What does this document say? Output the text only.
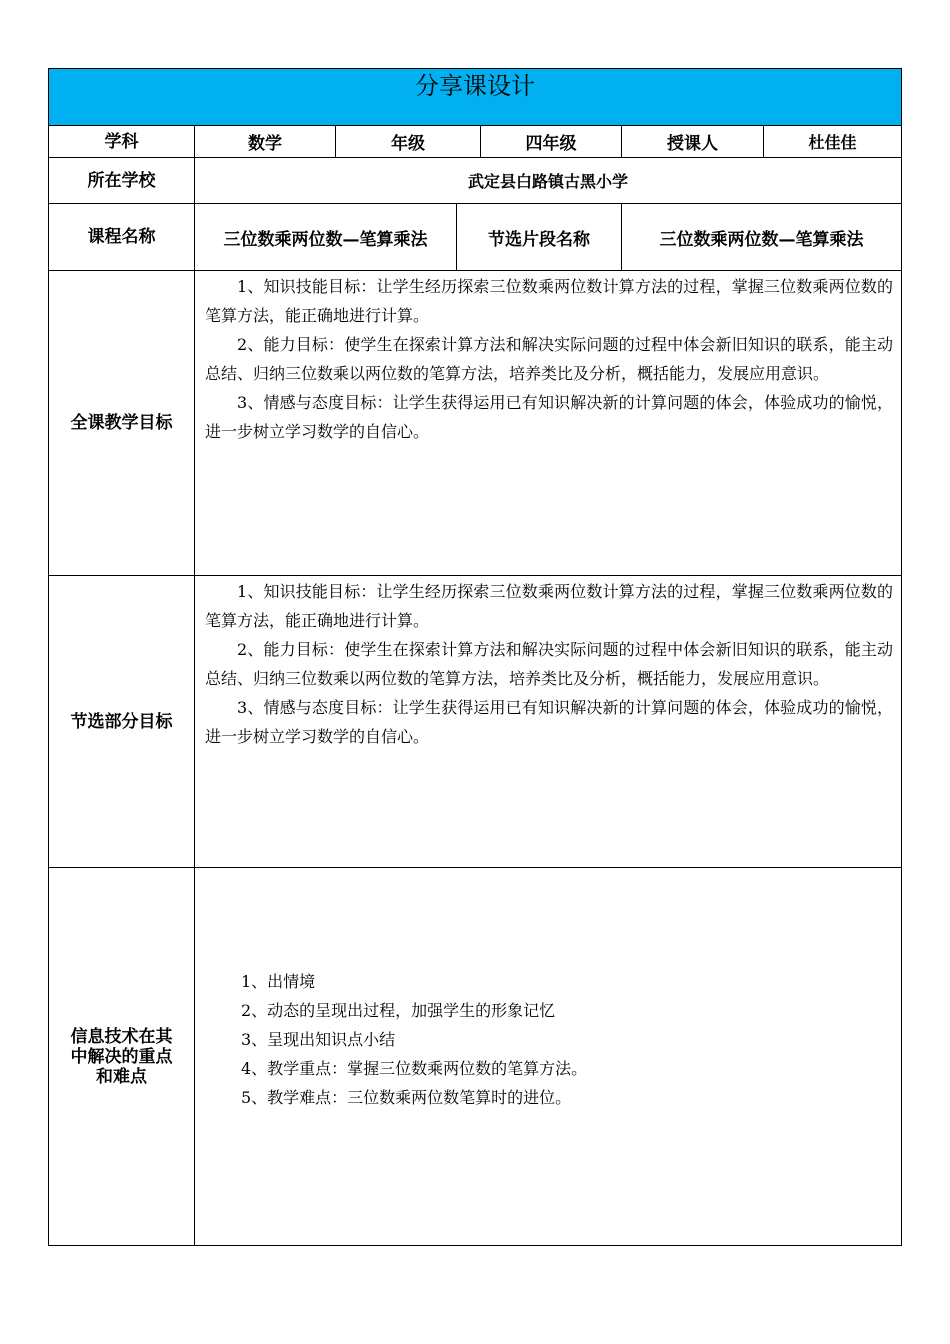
分享课设计						

学科	数学	年级		四年级	授课人	杜佳佳
所在学校	武定县白路镇古黑小学					
课程名称	三位数乘两位数—笔算乘法		节选片段名称		三位数乘两位数—笔算乘法	
全课教学目标	1、知识技能目标：让学生经历探索三位数乘两位数计算方法的过程，掌握三位数乘两位数的笔算方法，能正确地进行计算。

2、能力目标：使学生在探索计算方法和解决实际问题的过程中体会新旧知识的联系，能主动总结、归纳三位数乘以两位数的笔算方法，培养类比及分析，概括能力，发展应用意识。

3、情感与态度目标：让学生获得运用已有知识解决新的计算问题的体会，体验成功的愉悦，进一步树立学习数学的自信心。					

节选部分目标	1、知识技能目标：让学生经历探索三位数乘两位数计算方法的过程，掌握三位数乘两位数的笔算方法，能正确地进行计算。

2、能力目标：使学生在探索计算方法和解决实际问题的过程中体会新旧知识的联系，能主动总结、归纳三位数乘以两位数的笔算方法，培养类比及分析，概括能力，发展应用意识。

3、情感与态度目标：让学生获得运用已有知识解决新的计算问题的体会，体验成功的愉悦，进一步树立学习数学的自信心。					

信息技术在其中解决的重点和难点	1、出情境

2、动态的呈现出过程，加强学生的形象记忆

3、呈现出知识点小结

4、教学重点：掌握三位数乘两位数的笔算方法。

5、教学难点：三位数乘两位数笔算时的进位。					
